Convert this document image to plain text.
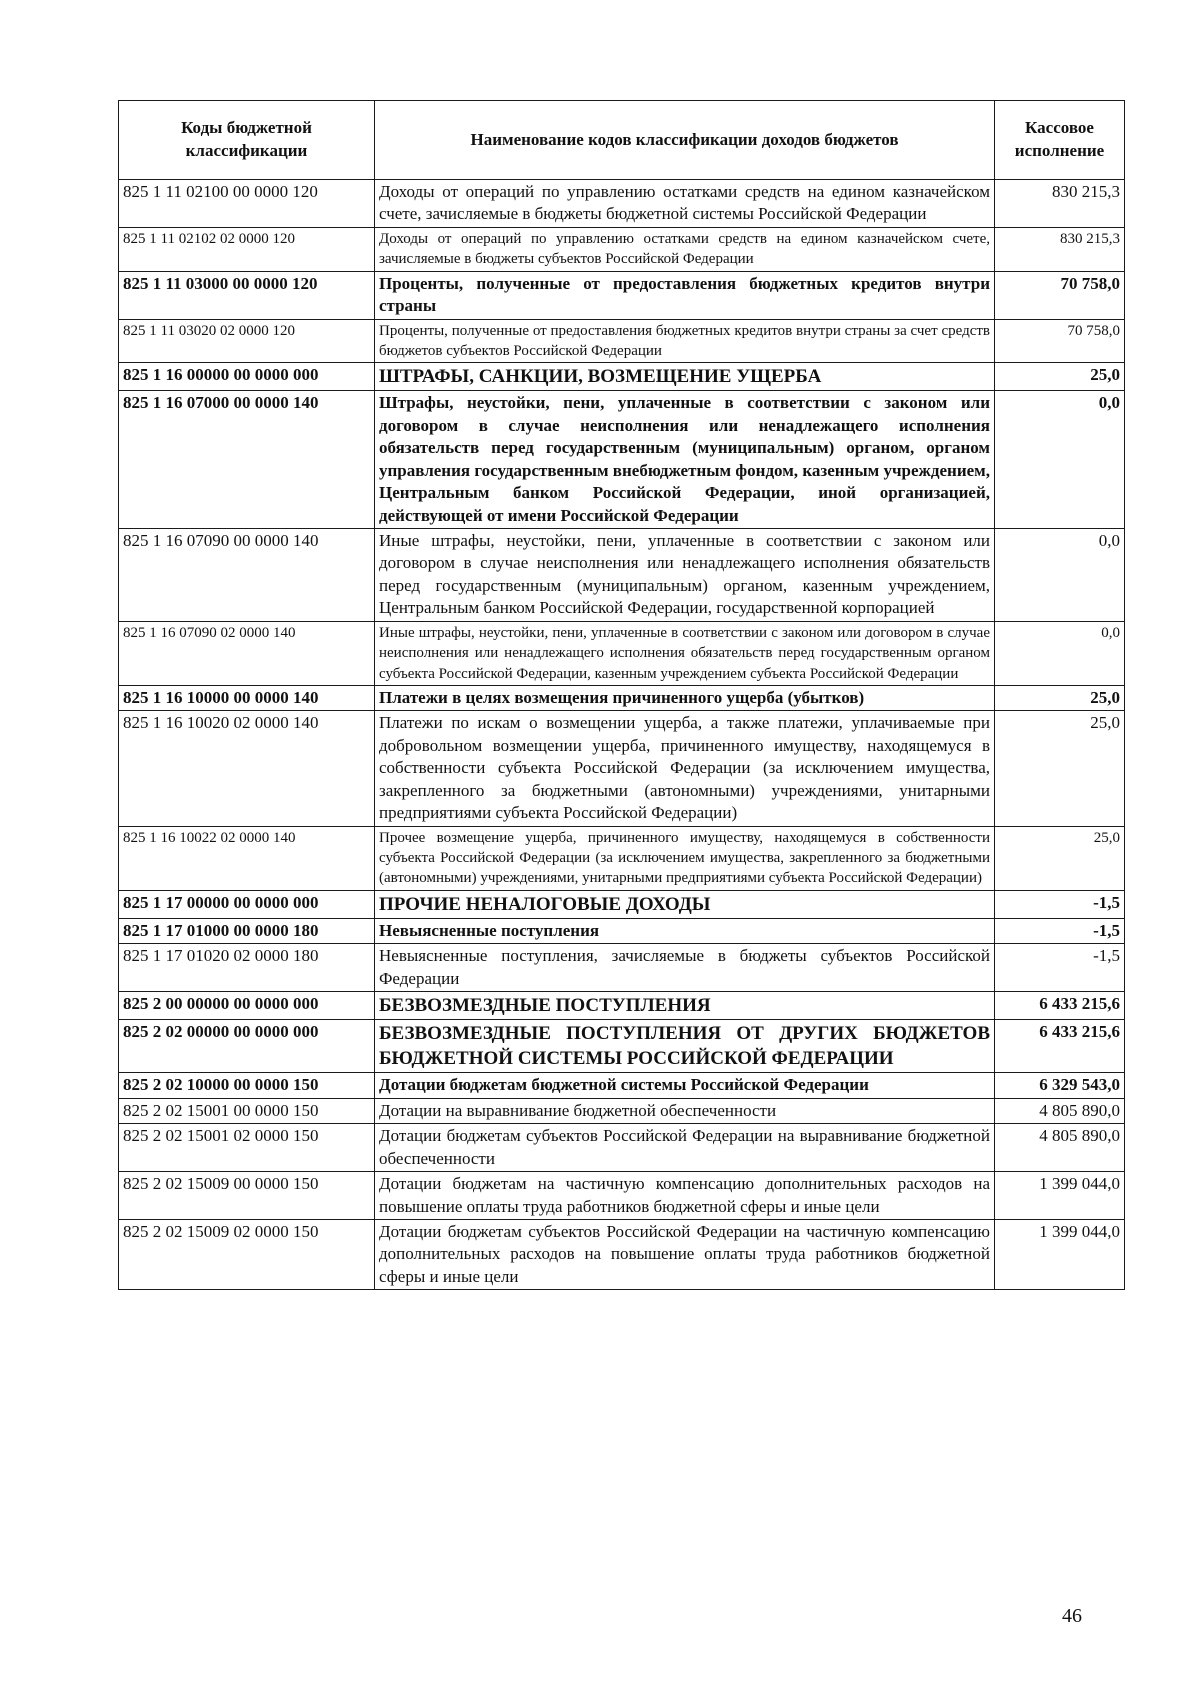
Коды бюджетной классификации	Наименование кодов классификации доходов бюджетов	Кассовое исполнение
825 1 11 02100 00 0000 120	Доходы от операций по управлению остатками средств на едином казначейском счете, зачисляемые в бюджеты бюджетной системы Российской Федерации	830 215,3
825 1 11 02102 02 0000 120	Доходы от операций по управлению остатками средств на едином казначейском счете, зачисляемые в бюджеты субъектов Российской Федерации	830 215,3
825 1 11 03000 00 0000 120	Проценты, полученные от предоставления бюджетных кредитов внутри страны	70 758,0
825 1 11 03020 02 0000 120	Проценты, полученные от предоставления бюджетных кредитов внутри страны за счет средств бюджетов субъектов Российской Федерации	70 758,0
825 1 16 00000 00 0000 000	ШТРАФЫ, САНКЦИИ, ВОЗМЕЩЕНИЕ УЩЕРБА	25,0
825 1 16 07000 00 0000 140	Штрафы, неустойки, пени, уплаченные в соответствии с законом или договором в случае неисполнения или ненадлежащего исполнения обязательств перед государственным (муниципальным) органом, органом управления государственным внебюджетным фондом, казенным учреждением, Центральным банком Российской Федерации, иной организацией, действующей от имени Российской Федерации	0,0
825 1 16 07090 00 0000 140	Иные штрафы, неустойки, пени, уплаченные в соответствии с законом или договором в случае неисполнения или ненадлежащего исполнения обязательств перед государственным (муниципальным) органом, казенным учреждением, Центральным банком Российской Федерации, государственной корпорацией	0,0
825 1 16 07090 02 0000 140	Иные штрафы, неустойки, пени, уплаченные в соответствии с законом или договором в случае неисполнения или ненадлежащего исполнения обязательств перед государственным органом субъекта Российской Федерации, казенным учреждением субъекта Российской Федерации	0,0
825 1 16 10000 00 0000 140	Платежи в целях возмещения причиненного ущерба (убытков)	25,0
825 1 16 10020 02 0000 140	Платежи по искам о возмещении ущерба, а также платежи, уплачиваемые при добровольном возмещении ущерба, причиненного имуществу, находящемуся в собственности субъекта Российской Федерации (за исключением имущества, закрепленного за бюджетными (автономными) учреждениями, унитарными предприятиями субъекта Российской Федерации)	25,0
825 1 16 10022 02 0000 140	Прочее возмещение ущерба, причиненного имуществу, находящемуся в собственности субъекта Российской Федерации (за исключением имущества, закрепленного за бюджетными (автономными) учреждениями, унитарными предприятиями субъекта Российской Федерации)	25,0
825 1 17 00000 00 0000 000	ПРОЧИЕ НЕНАЛОГОВЫЕ ДОХОДЫ	-1,5
825 1 17 01000 00 0000 180	Невыясненные поступления	-1,5
825 1 17 01020 02 0000 180	Невыясненные поступления, зачисляемые в бюджеты субъектов Российской Федерации	-1,5
825 2 00 00000 00 0000 000	БЕЗВОЗМЕЗДНЫЕ ПОСТУПЛЕНИЯ	6 433 215,6
825 2 02 00000 00 0000 000	БЕЗВОЗМЕЗДНЫЕ ПОСТУПЛЕНИЯ ОТ ДРУГИХ БЮДЖЕТОВ БЮДЖЕТНОЙ СИСТЕМЫ РОССИЙСКОЙ ФЕДЕРАЦИИ	6 433 215,6
825 2 02 10000 00 0000 150	Дотации бюджетам бюджетной системы Российской Федерации	6 329 543,0
825 2 02 15001 00 0000 150	Дотации на выравнивание бюджетной обеспеченности	4 805 890,0
825 2 02 15001 02 0000 150	Дотации бюджетам субъектов Российской Федерации на выравнивание бюджетной обеспеченности	4 805 890,0
825 2 02 15009 00 0000 150	Дотации бюджетам на частичную компенсацию дополнительных расходов на повышение оплаты труда работников бюджетной сферы и иные цели	1 399 044,0
825 2 02 15009 02 0000 150	Дотации бюджетам субъектов Российской Федерации на частичную компенсацию дополнительных расходов на повышение оплаты труда работников бюджетной сферы и иные цели	1 399 044,0
46
